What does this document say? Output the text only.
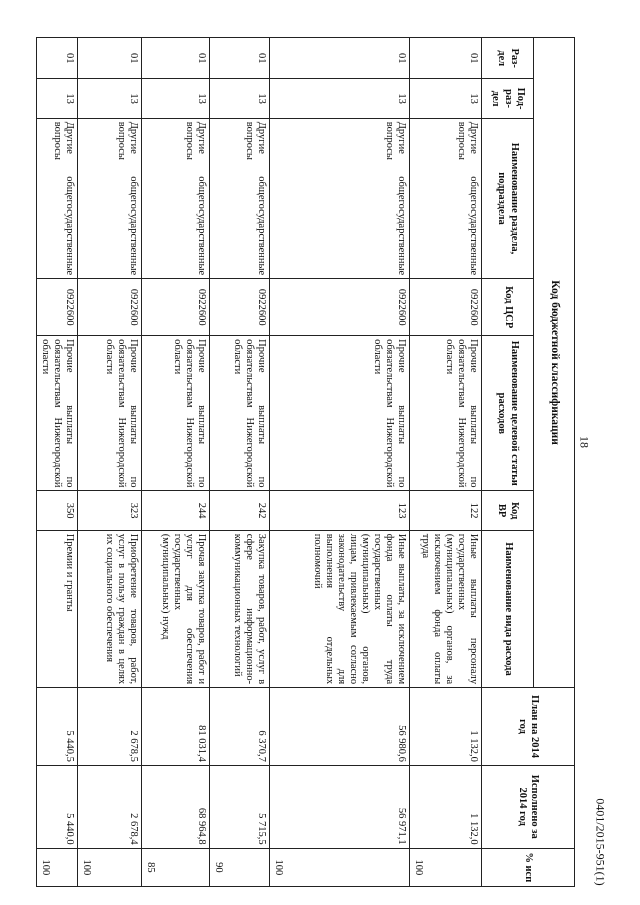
18
Код бюджетной классификации							План на 2014 год	Исполнено за 2014 год	% исп
Раз-дел	Под-раз-дел	Наименование раздела, подраздела	Код ЦСР	Наименование целевой статьи расходов	Код ВР	Наименование вида расхода			
01	13	Другие общегосударственные вопросы	0922600	Прочие выплаты по обязательствам Нижегородской области	122	Иные выплаты персоналу государственных (муниципальных) органов, за исключением фонда оплаты труда	1 132,0	1 132,0	100
01	13	Другие общегосударственные вопросы	0922600	Прочие выплаты по обязательствам Нижегородской области	123	Иные выплаты, за исключением фонда оплаты труда государственных (муниципальных) органов, лицам, привлекаемым согласно законодательству для выполнения отдельных полномочий	56 980,6	56 971,1	100
01	13	Другие общегосударственные вопросы	0922600	Прочие выплаты по обязательствам Нижегородской области	242	Закупка товаров, работ, услуг в сфере информационно-коммуникационных технологий	6 370,7	5 715,5	90
01	13	Другие общегосударственные вопросы	0922600	Прочие выплаты по обязательствам Нижегородской области	244	Прочая закупка товаров, работ и услуг для обеспечения государственных (муниципальных) нужд	81 031,4	68 964,8	85
01	13	Другие общегосударственные вопросы	0922600	Прочие выплаты по обязательствам Нижегородской области	323	Приобретение товаров, работ, услуг в пользу граждан в целях их социального обеспечения	2 678,5	2 678,4	100
01	13	Другие общегосударственные вопросы	0922600	Прочие выплаты по обязательствам Нижегородской области	350	Премии и гранты	5 440,5	5 440,0	100	0401/2015-951(1)
